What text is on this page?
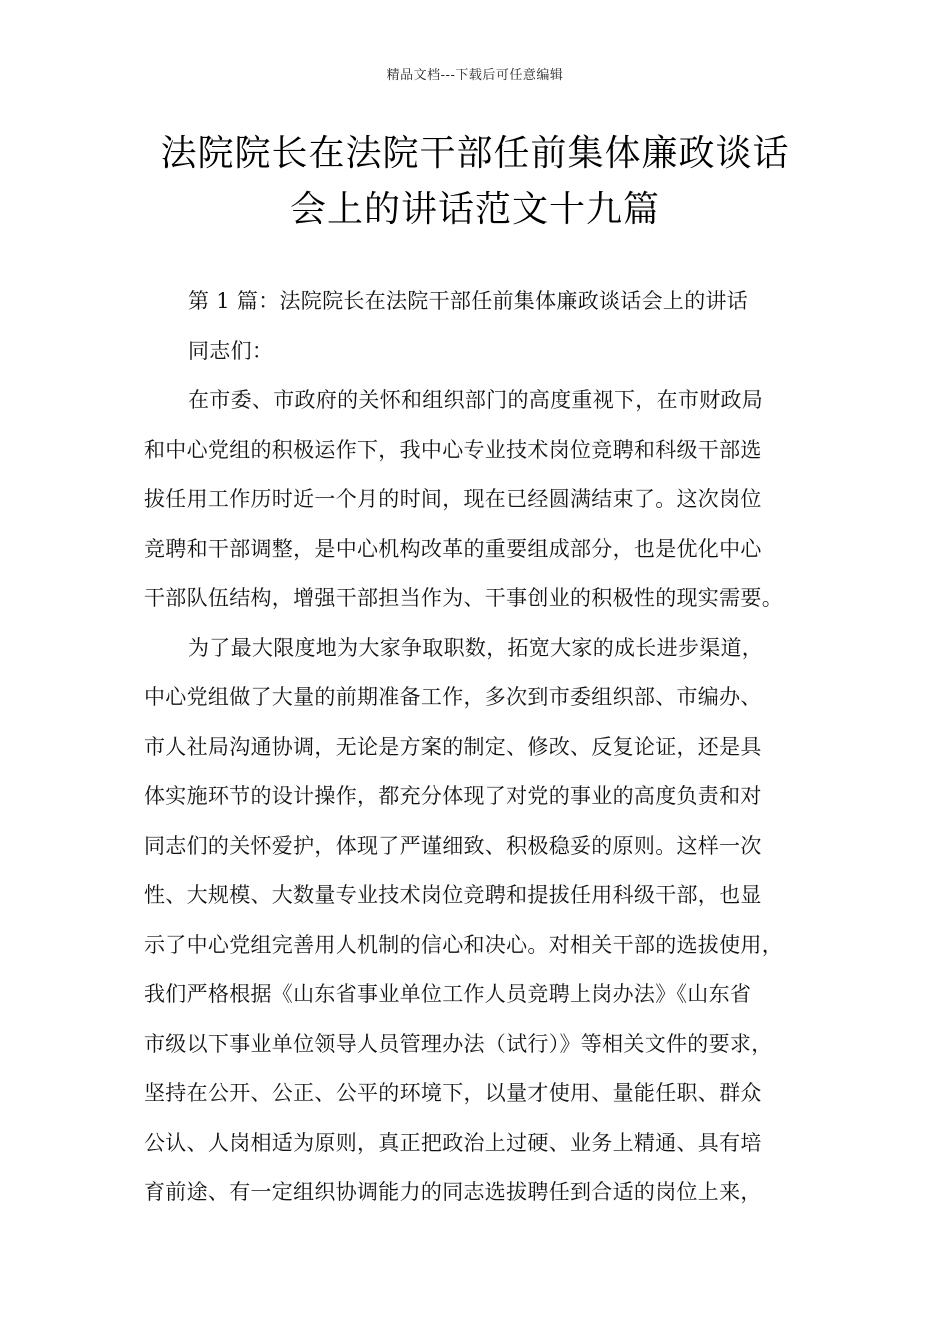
精品文档---下载后可任意编辑
法院院长在法院干部任前集体廉政谈话
会上的讲话范文十九篇
第 1 篇：法院院长在法院干部任前集体廉政谈话会上的讲话
同志们：
在市委、市政府的关怀和组织部门的高度重视下，在市财政局
和中心党组的积极运作下，我中心专业技术岗位竞聘和科级干部选
拔任用工作历时近一个月的时间，现在已经圆满结束了。这次岗位
竞聘和干部调整，是中心机构改革的重要组成部分，也是优化中心
干部队伍结构，增强干部担当作为、干事创业的积极性的现实需要。
为了最大限度地为大家争取职数，拓宽大家的成长进步渠道，
中心党组做了大量的前期准备工作，多次到市委组织部、市编办、
市人社局沟通协调，无论是方案的制定、修改、反复论证，还是具
体实施环节的设计操作，都充分体现了对党的事业的高度负责和对
同志们的关怀爱护，体现了严谨细致、积极稳妥的原则。这样一次
性、大规模、大数量专业技术岗位竞聘和提拔任用科级干部，也显
示了中心党组完善用人机制的信心和决心。对相关干部的选拔使用，
我们严格根据《山东省事业单位工作人员竞聘上岗办法》《山东省
市级以下事业单位领导人员管理办法（试行）》等相关文件的要求，
坚持在公开、公正、公平的环境下，以量才使用、量能任职、群众
公认、人岗相适为原则，真正把政治上过硬、业务上精通、具有培
育前途、有一定组织协调能力的同志选拔聘任到合适的岗位上来，
